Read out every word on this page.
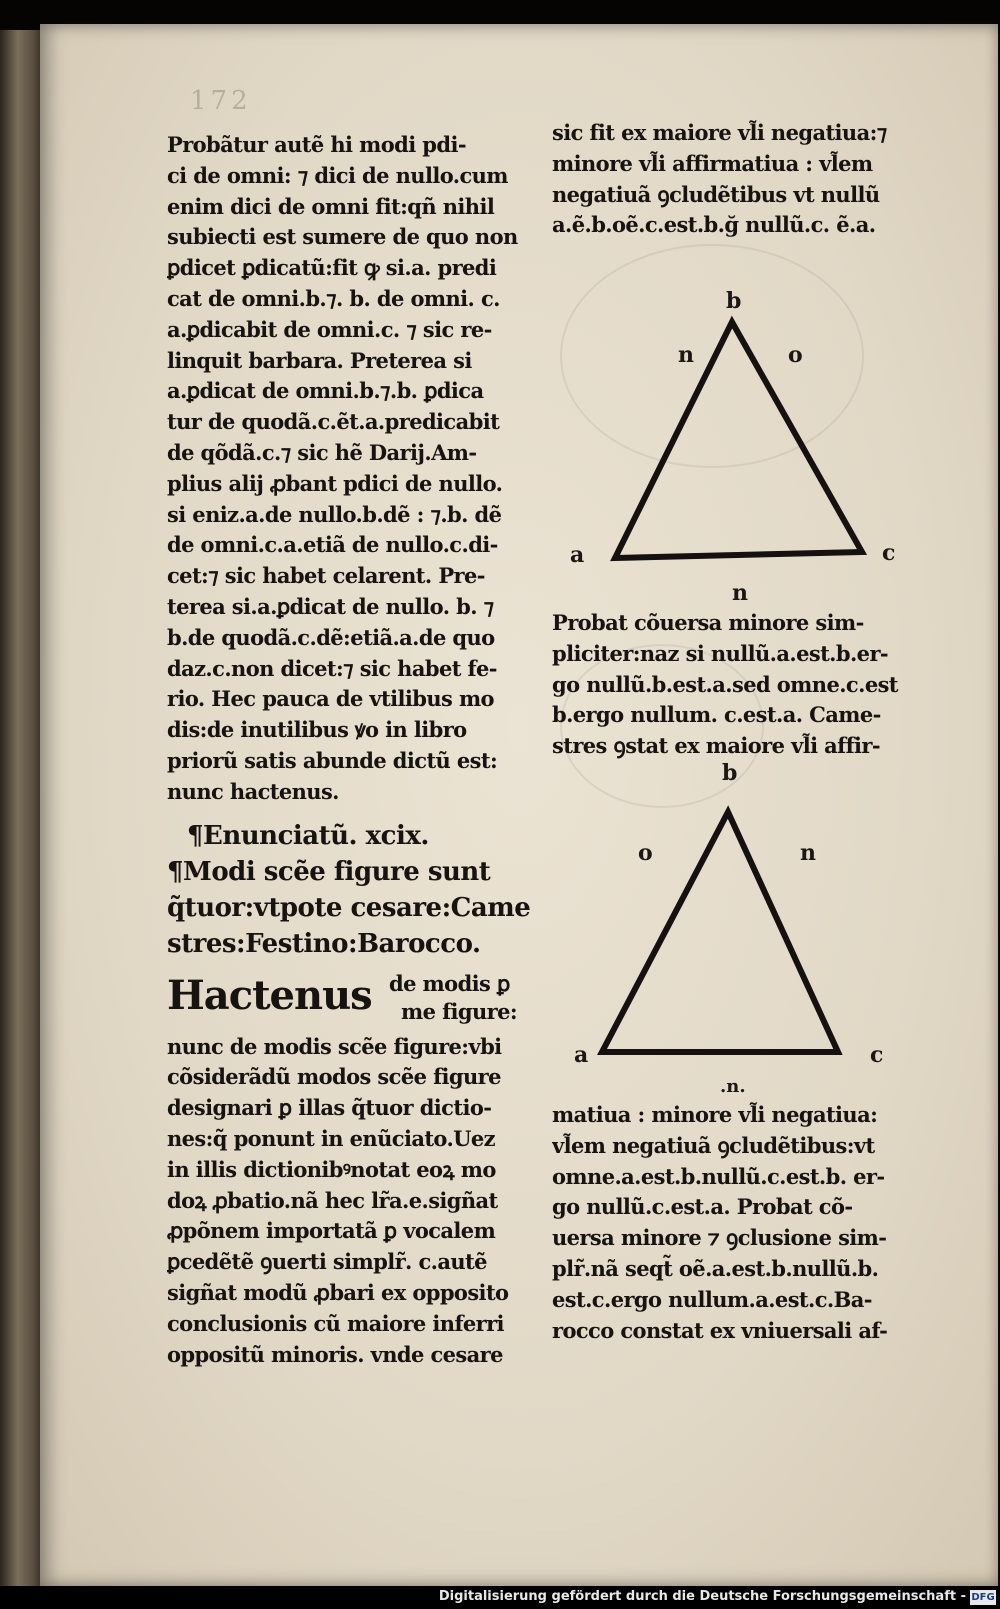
172
Probãtur autẽ hi modi pdi-
ci de omni: ⁊ dici de nullo.cum
enim dici de omni fit:qñ nihil
subiecti est sumere de quo non
ꝑdicet ꝑdicatũ:fit ꝙ si.a. predi
cat de omni.b.⁊. b. de omni. c.
a.ꝑdicabit de omni.c. ⁊ sic re-
linquit barbara. Preterea si
a.ꝑdicat de omni.b.⁊.b. ꝑdica
tur de quodã.c.ẽt.a.predicabit
de qõdã.c.⁊ sic hẽ Darij.Am-
plius alij ꝓbant pdici de nullo.
si eniz.a.de nullo.b.dẽ : ⁊.b. dẽ
de omni.c.a.etiã de nullo.c.di-
cet:⁊ sic habet celarent. Pre-
terea si.a.ꝑdicat de nullo. b. ⁊
b.de quodã.c.dẽ:etiã.a.de quo
daz.c.non dicet:⁊ sic habet fe-
rio. Hec pauca de vtilibus mo
dis:de inutilibus ꝟo in libro
priorũ satis abunde dictũ est:
nunc hactenus.
¶Enunciatũ. xcix.
¶Modi scẽe figure sunt
q̃tuor:vtpote cesare:Came
stres:Festino:Barocco.
Hactenus de modis ꝑ
me figure:
nunc de modis scẽe figure:vbi
cõsiderãdũ modos scẽe figure
designari ꝑ illas q̃tuor dictio-
nes:q̃ ponunt in enũciato.Uez
in illis dictionibꝰnotat eoꝝ mo
doꝝ ꝓbatio.nã hec lr̃a.e.sigñat
ꝓpõnem importatã ꝑ vocalem
ꝑcedẽtẽ ꝯuerti simplr̃. c.autẽ
sigñat modũ ꝓbari ex opposito
conclusionis cũ maiore inferri
oppositũ minoris. vnde cesare
sic fit ex maiore vl̃i negatiua:⁊
minore vl̃i affirmatiua : vl̃em
negatiuã ꝯcludẽtibus vt nullũ
a.ẽ.b.oẽ.c.est.b.ğ nullũ.c. ẽ.a.
b
n	o
a	c
n
Probat cõuersa minore sim-
pliciter:naz si nullũ.a.est.b.er-
go nullũ.b.est.a.sed omne.c.est
b.ergo nullum. c.est.a. Came-
stres ꝯstat ex maiore vl̃i affir-
b
o	n
a	c
.n.
matiua : minore vl̃i negatiua:
vl̃em negatiuã ꝯcludẽtibus:vt
omne.a.est.b.nullũ.c.est.b. er-
go nullũ.c.est.a. Probat cõ-
uersa minore ⁊ ꝯclusione sim-
plr̃.nã seqt̃ oẽ.a.est.b.nullũ.b.
est.c.ergo nullum.a.est.c.Ba-
rocco constat ex vniuersali af-
Digitalisierung gefördert durch die Deutsche Forschungsgemeinschaft - DFG
